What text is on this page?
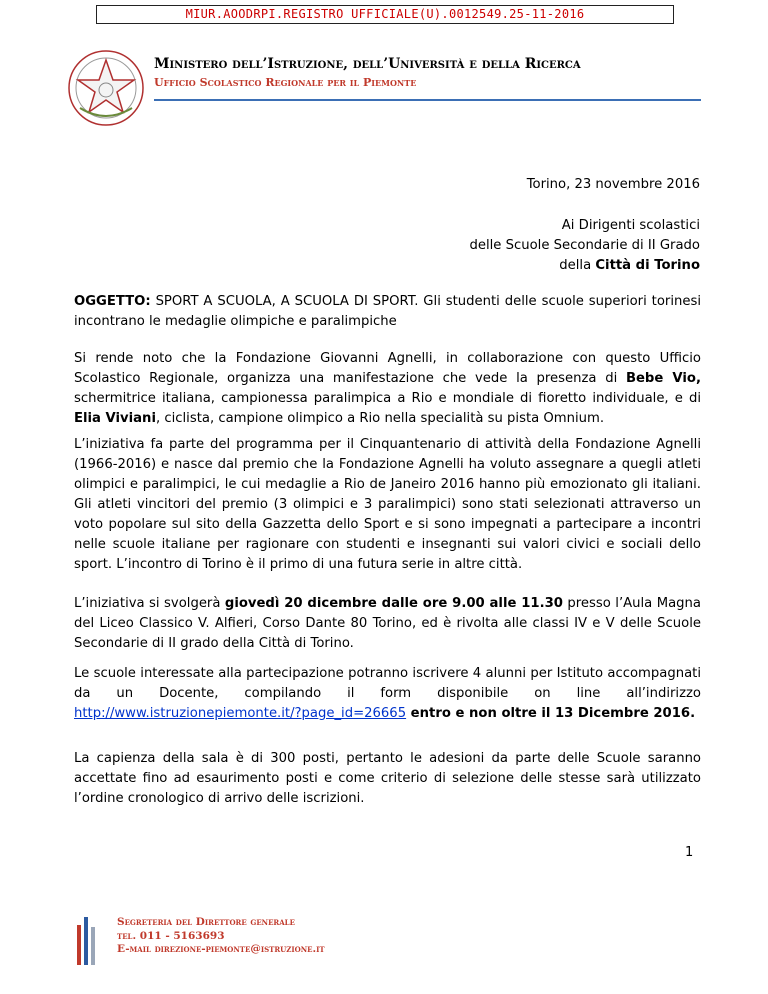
MIUR.AOODRPI.REGISTRO UFFICIALE(U).0012549.25-11-2016
Ministero dell’Istruzione, dell’Università e della Ricerca
Ufficio Scolastico Regionale per il Piemonte
Torino, 23 novembre 2016
Ai Dirigenti scolastici
delle Scuole Secondarie di II Grado
della Città di Torino
OGGETTO: SPORT A SCUOLA, A SCUOLA DI SPORT. Gli studenti delle scuole superiori torinesi incontrano le medaglie olimpiche e paralimpiche
Si rende noto che la Fondazione Giovanni Agnelli, in collaborazione con questo Ufficio Scolastico Regionale, organizza una manifestazione che vede la presenza di Bebe Vio, schermitrice italiana, campionessa paralimpica a Rio e mondiale di fioretto individuale, e di Elia Viviani, ciclista, campione olimpico a Rio nella specialità su pista Omnium.
L’iniziativa fa parte del programma per il Cinquantenario di attività della Fondazione Agnelli (1966-2016) e nasce dal premio che la Fondazione Agnelli ha voluto assegnare a quegli atleti olimpici e paralimpici, le cui medaglie a Rio de Janeiro 2016 hanno più emozionato gli italiani. Gli atleti vincitori del premio (3 olimpici e 3 paralimpici) sono stati selezionati attraverso un voto popolare sul sito della Gazzetta dello Sport e si sono impegnati a partecipare a incontri nelle scuole italiane per ragionare con studenti e insegnanti sui valori civici e sociali dello sport. L’incontro di Torino è il primo di una futura serie in altre città.
L’iniziativa si svolgerà giovedì 20 dicembre dalle ore 9.00 alle 11.30 presso l’Aula Magna del Liceo Classico V. Alfieri, Corso Dante 80 Torino, ed è rivolta alle classi IV e V delle Scuole Secondarie di II grado della Città di Torino.
Le scuole interessate alla partecipazione potranno iscrivere 4 alunni per Istituto accompagnati da un Docente, compilando il form disponibile on line all’indirizzo http://www.istruzionepiemonte.it/?page_id=26665 entro e non oltre il 13 Dicembre 2016.
La capienza della sala è di 300 posti, pertanto le adesioni da parte delle Scuole saranno accettate fino ad esaurimento posti e come criterio di selezione delle stesse sarà utilizzato l’ordine cronologico di arrivo delle iscrizioni.
1
Segreteria del Direttore generale
tel. 011 - 5163693
E-mail direzione-piemonte@istruzione.it
